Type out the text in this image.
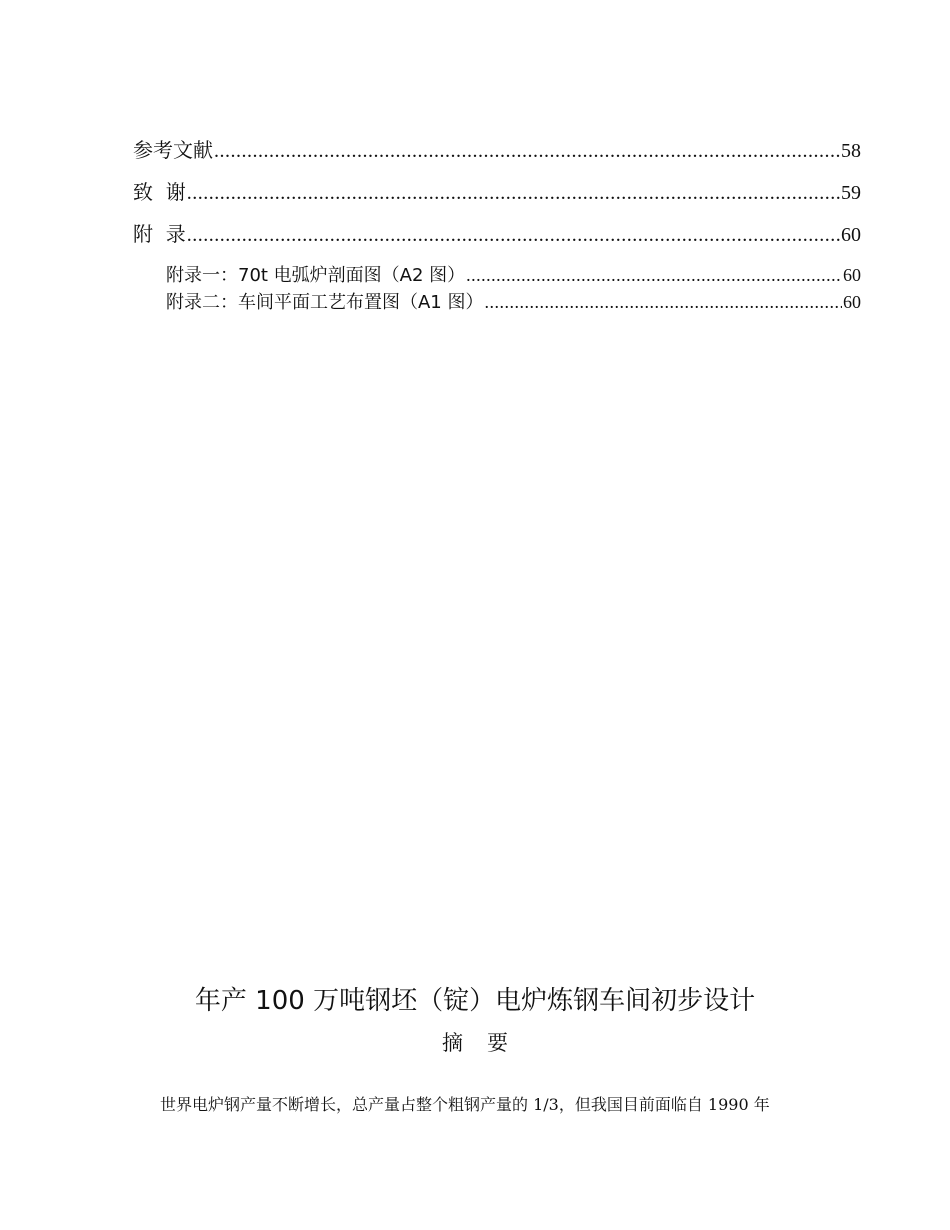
参考文献 .....	58
致  谢 .....	59
附  录 .....	60
附录一：70t 电弧炉剖面图（A2 图） .....	60
附录二：车间平面工艺布置图（A1 图） .....	60
年产 100 万吨钢坯（锭）电炉炼钢车间初步设计
摘要
世界电炉钢产量不断增长，总产量占整个粗钢产量的 1/3，但我国目前面临自 1990 年
